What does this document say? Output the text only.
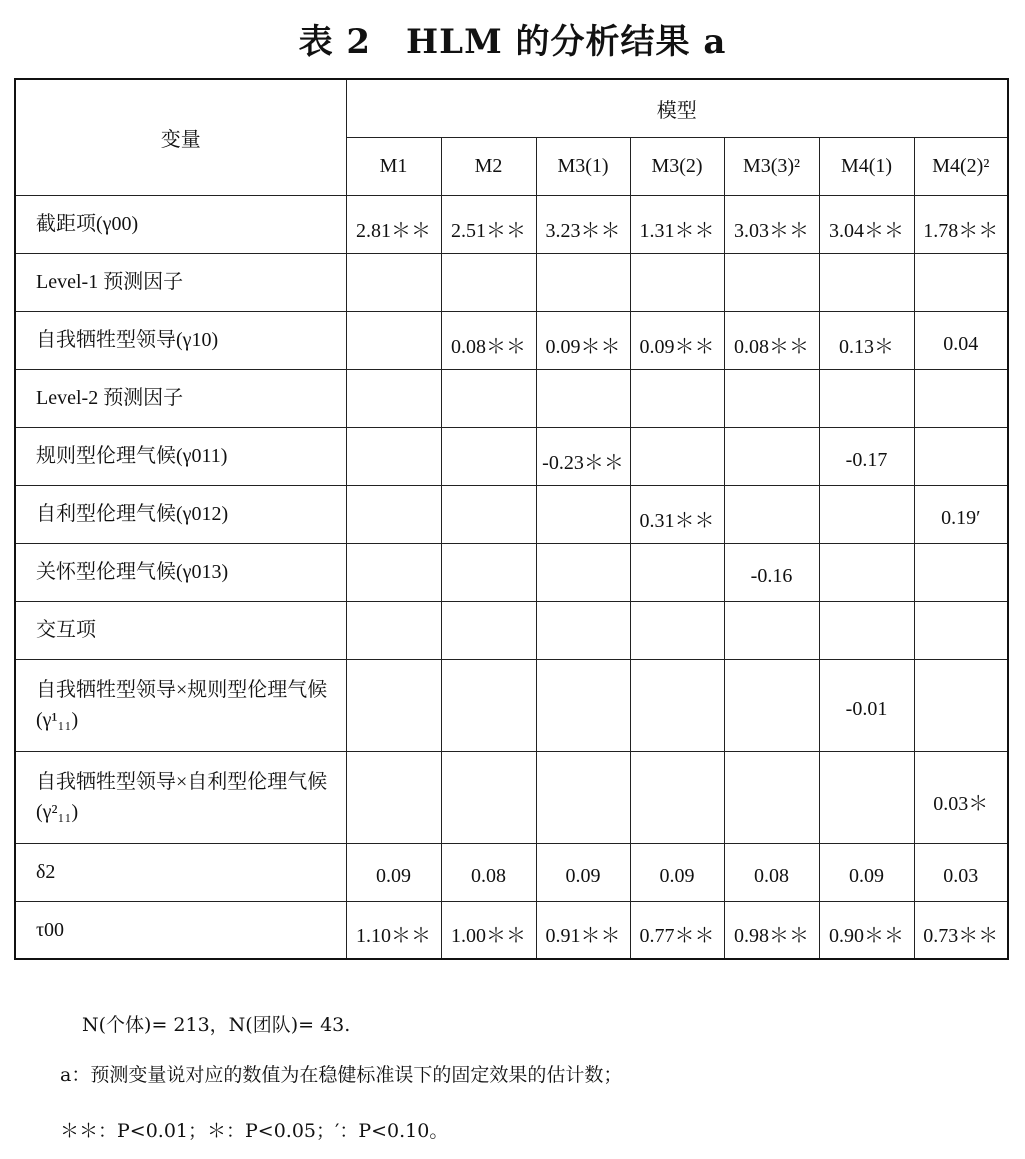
表 2　HLM 的分析结果 a
变量	模型						
	M1	M2	M3(1)	M3(2)	M3(3)²	M4(1)	M4(2)²
截距项(γ00)	2.81＊＊	2.51＊＊	3.23＊＊	1.31＊＊	3.03＊＊	3.04＊＊	1.78＊＊
Level-1 预测因子							
自我牺牲型领导(γ10)		0.08＊＊	0.09＊＊	0.09＊＊	0.08＊＊	0.13＊	0.04
Level-2 预测因子							
规则型伦理气候(γ011)			-0.23＊＊			-0.17	
自利型伦理气候(γ012)				0.31＊＊			0.19′
关怀型伦理气候(γ013)					-0.16		
交互项							
自我牺牲型领导×规则型伦理气候(γ¹₁₁)						-0.01	
自我牺牲型领导×自利型伦理气候(γ²₁₁)							0.03＊
δ2	0.09	0.08	0.09	0.09	0.08	0.09	0.03
τ00	1.10＊＊	1.00＊＊	0.91＊＊	0.77＊＊	0.98＊＊	0.90＊＊	0.73＊＊
N(个体)= 213，N(团队)= 43.
a：预测变量说对应的数值为在稳健标准误下的固定效果的估计数；
＊＊：P<0.01；＊：P<0.05；′：P<0.10。
